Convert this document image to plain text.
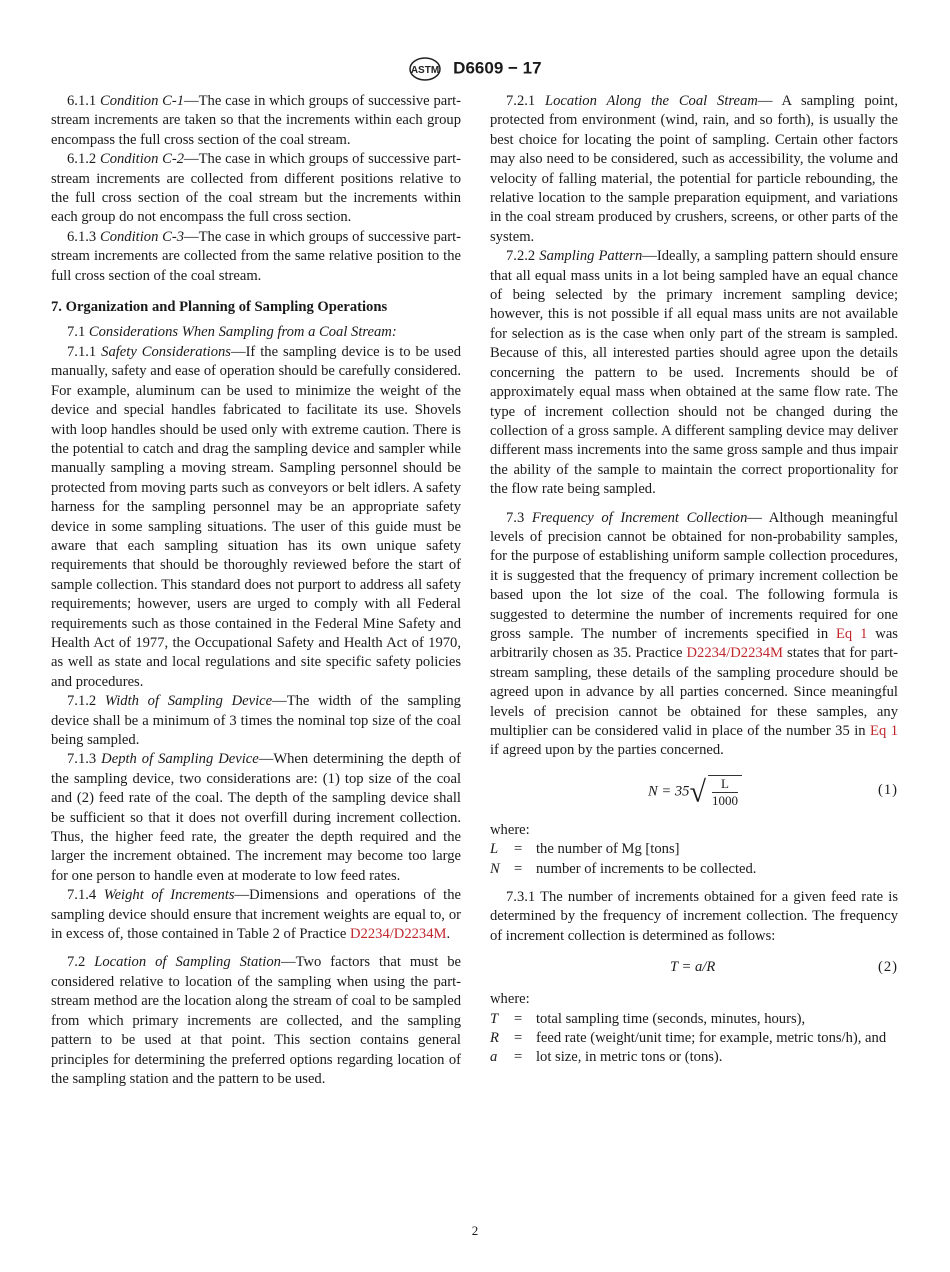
ASTM D6609 − 17

6.1.1 Condition C-1—The case in which groups of successive part-stream increments are taken so that the increments within each group encompass the full cross section of the coal stream.

6.1.2 Condition C-2—The case in which groups of successive part-stream increments are collected from different positions relative to the full cross section of the coal stream but the increments within each group do not encompass the full cross section.

6.1.3 Condition C-3—The case in which groups of successive part-stream increments are collected from the same relative position to the full cross section of the coal stream.

7. Organization and Planning of Sampling Operations

7.1 Considerations When Sampling from a Coal Stream:

7.1.1 Safety Considerations—If the sampling device is to be used manually, safety and ease of operation should be carefully considered. For example, aluminum can be used to minimize the weight of the device and special handles fabricated to facilitate its use. Shovels with loop handles should be used only with extreme caution. There is the potential to catch and drag the sampling device and sampler while manually sampling a moving stream. Sampling personnel should be protected from moving parts such as conveyors or belt idlers. A safety harness for the sampling personnel may be an appropriate safety device in some sampling situations. The user of this guide must be aware that each sampling situation has its own unique safety requirements that should be thoroughly reviewed before the start of sample collection. This standard does not purport to address all safety requirements; however, users are urged to comply with all Federal requirements such as those contained in the Federal Mine Safety and Health Act of 1977, the Occupational Safety and Health Act of 1970, as well as state and local regulations and site specific safety policies and procedures.

7.1.2 Width of Sampling Device—The width of the sampling device shall be a minimum of 3 times the nominal top size of the coal being sampled.

7.1.3 Depth of Sampling Device—When determining the depth of the sampling device, two considerations are: (1) top size of the coal and (2) feed rate of the coal. The depth of the sampling device shall be sufficient so that it does not overfill during increment collection. Thus, the higher feed rate, the greater the depth required and the larger the increment obtained. The increment may become too large for one person to handle even at moderate to low feed rates.

7.1.4 Weight of Increments—Dimensions and operations of the sampling device should ensure that increment weights are equal to, or in excess of, those contained in Table 2 of Practice D2234/D2234M.

7.2 Location of Sampling Station—Two factors that must be considered relative to location of the sampling when using the part-stream method are the location along the stream of coal to be sampled from which primary increments are collected, and the sampling pattern to be used at that point. This section contains general principles for determining the preferred options regarding location of the sampling station and the pattern to be used.

7.2.1 Location Along the Coal Stream— A sampling point, protected from environment (wind, rain, and so forth), is usually the best choice for locating the point of sampling. Certain other factors may also need to be considered, such as accessibility, the volume and velocity of falling material, the potential for particle rebounding, the relative location to the sample preparation equipment, and variations in the coal stream produced by crushers, screens, or other parts of the system.

7.2.2 Sampling Pattern—Ideally, a sampling pattern should ensure that all equal mass units in a lot being sampled have an equal chance of being selected by the primary increment sampling device; however, this is not possible if all equal mass units are not available for selection as is the case when only part of the stream is sampled. Because of this, all interested parties should agree upon the details concerning the pattern to be used. Increments should be of approximately equal mass when obtained at the same flow rate. The type of increment collection should not be changed during the collection of a gross sample. A different sampling device may deliver different mass increments into the same gross sample and thus impair the ability of the sample to maintain the correct proportionality for the flow rate being sampled.

7.3 Frequency of Increment Collection— Although meaningful levels of precision cannot be obtained for non-probability samples, for the purpose of establishing uniform sample collection procedures, it is suggested that the frequency of primary increment collection be based upon the lot size of the coal. The following formula is suggested to determine the number of increments required for one gross sample. The number of increments specified in Eq 1 was arbitrarily chosen as 35. Practice D2234/D2234M states that for part-stream sampling, these details of the sampling procedure should be agreed upon in advance by all parties concerned. Since meaningful levels of precision cannot be obtained for these samples, any multiplier can be considered valid in place of the number 35 in Eq 1 if agreed upon by the parties concerned.

$N = 35√ \frac{L}{1000}$	(1)

where:

L	= the number of Mg [tons]
N = number of increments to be collected.

7.3.1 The number of increments obtained for a given feed rate is determined by the frequency of increment collection. The frequency of increment collection is determined as follows:

T = a/R	(2)

where:

T	= total sampling time (seconds, minutes, hours),
R	= feed rate (weight/unit time; for example, metric tons/h), and
a	= lot size, in metric tons or (tons).
2
